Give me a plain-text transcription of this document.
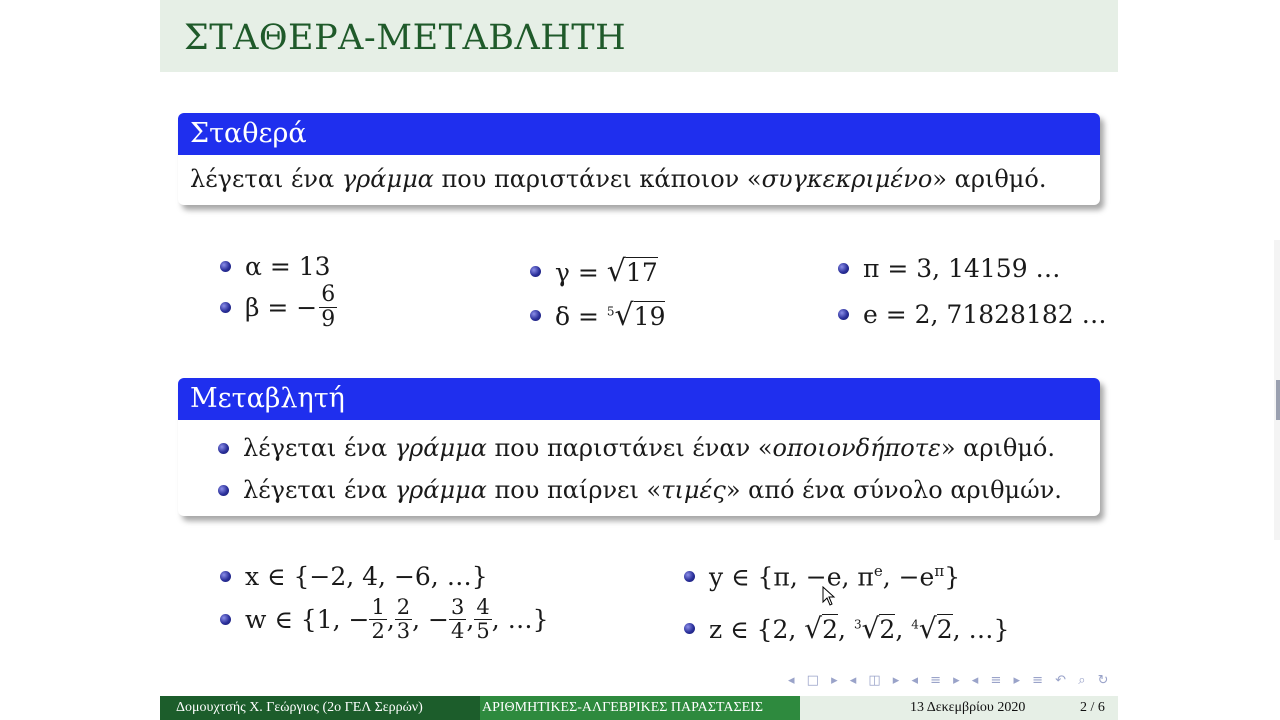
ΣΤΑΘΕΡΑ-ΜΕΤΑΒΛΗΤΗ
Σταθερά
λέγεται ένα γράμμα που παριστάνει κάποιον «συγκεκριμένο» αριθμό.
α = 13
β = − $\frac{6}{9}$
γ = √17
δ = $^5$√19
π = 3, 14159 …
e = 2, 71828182 …
Μεταβλητή
λέγεται ένα γράμμα που παριστάνει έναν «οποιονδήποτε» αριθμό.
λέγεται ένα γράμμα που παίρνει «τιμές» από ένα σύνολο αριθμών.
x ∈ {−2, 4, −6, …}
w ∈ {1, − $\frac{1}{2}$ , 2
3 , − $\frac{3}{4}$ , 4
5 , …}
y ∈ {π, −e, $\pi^e$, $-e^\pi$}
z ∈ {2, √2, $^3$√2, $^4$√2, …}
◂ □ ▸ ◂ ◫ ▸ ◂ ≡ ▸ ◂ ≡ ▸ ≡ ↶ ⌕ ↻
Δομουχτσής Χ. Γεώργιος (2ο ΓΕΛ Σερρών)	ΑΡΙΘΜΗΤΙΚΕΣ-ΑΛΓΕΒΡΙΚΕΣ ΠΑΡΑΣΤΑΣΕΙΣ	13 Δεκεμβρίου 2020	2 / 6
